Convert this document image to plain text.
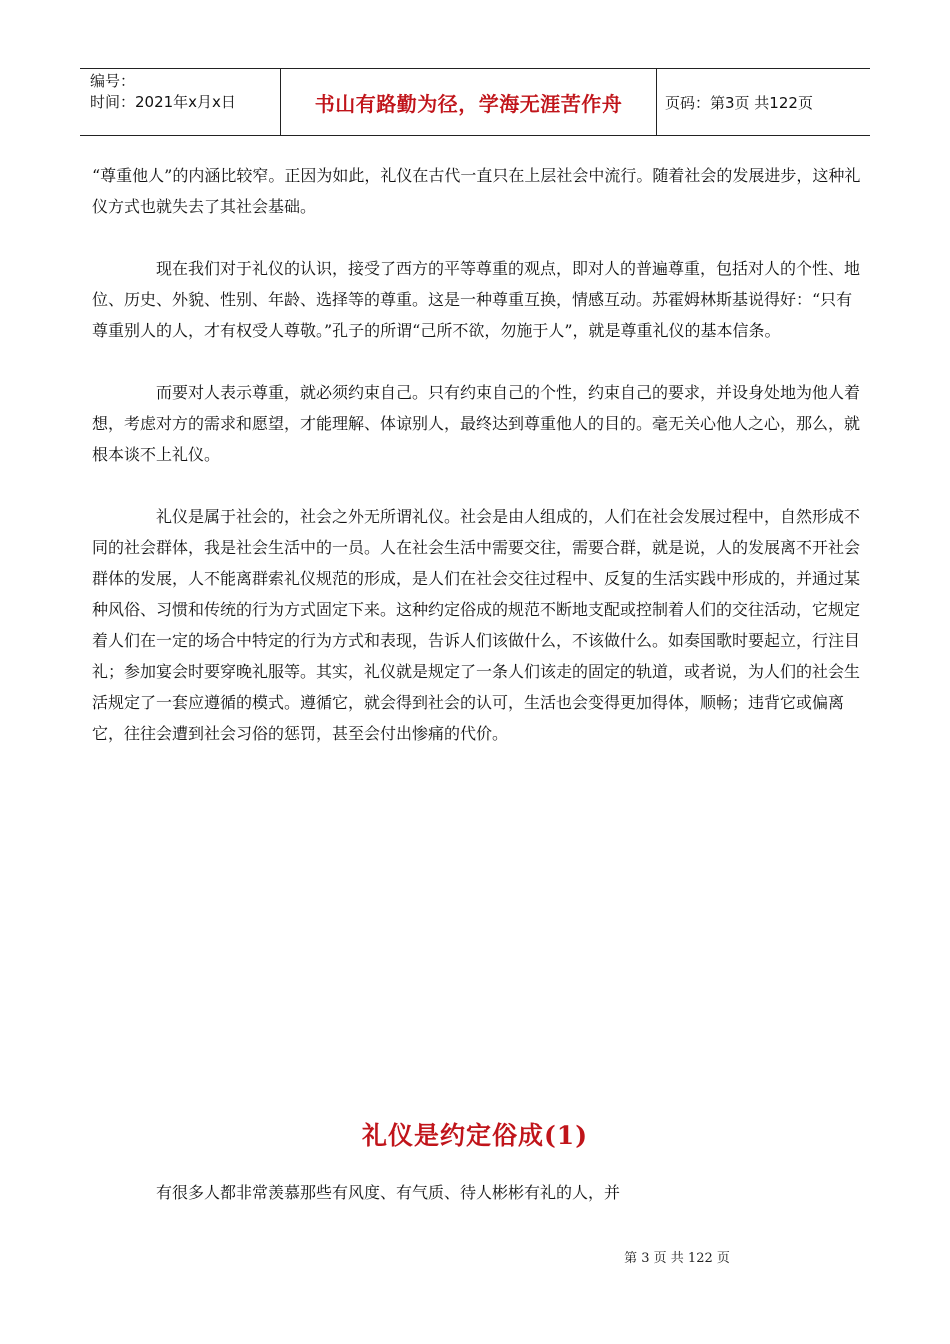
编号：
时间：2021年x月x日	书山有路勤为径，学海无涯苦作舟	页码：第3页 共122页

“尊重他人”的内涵比较窄。正因为如此，礼仪在古代一直只在上层社会中流行。随着社会的发展进步，这种礼仪方式也就失去了其社会基础。

现在我们对于礼仪的认识，接受了西方的平等尊重的观点，即对人的普遍尊重，包括对人的个性、地位、历史、外貌、性别、年龄、选择等的尊重。这是一种尊重互换，情感互动。苏霍姆林斯基说得好：“只有尊重别人的人，才有权受人尊敬。”孔子的所谓“己所不欲，勿施于人”，就是尊重礼仪的基本信条。

而要对人表示尊重，就必须约束自己。只有约束自己的个性，约束自己的要求，并设身处地为他人着想，考虑对方的需求和愿望，才能理解、体谅别人，最终达到尊重他人的目的。毫无关心他人之心，那么，就根本谈不上礼仪。

礼仪是属于社会的，社会之外无所谓礼仪。社会是由人组成的，人们在社会发展过程中，自然形成不同的社会群体，我是社会生活中的一员。人在社会生活中需要交往，需要合群，就是说，人的发展离不开社会群体的发展，人不能离群索礼仪规范的形成，是人们在社会交往过程中、反复的生活实践中形成的，并通过某种风俗、习惯和传统的行为方式固定下来。这种约定俗成的规范不断地支配或控制着人们的交往活动，它规定着人们在一定的场合中特定的行为方式和表现，告诉人们该做什么，不该做什么。如奏国歌时要起立，行注目礼；参加宴会时要穿晚礼服等。其实，礼仪就是规定了一条人们该走的固定的轨道，或者说，为人们的社会生活规定了一套应遵循的模式。遵循它，就会得到社会的认可，生活也会变得更加得体，顺畅；违背它或偏离它，往往会遭到社会习俗的惩罚，甚至会付出惨痛的代价。

礼仪是约定俗成(1)
有很多人都非常羡慕那些有风度、有气质、待人彬彬有礼的人，并
第 3 页 共 122 页
